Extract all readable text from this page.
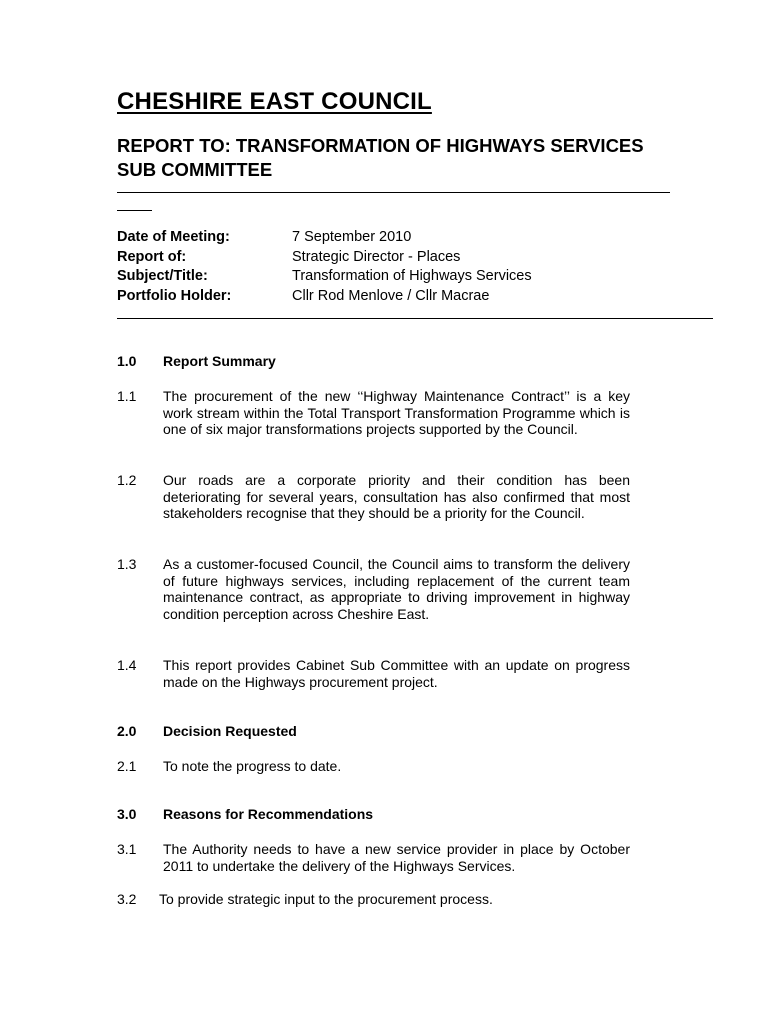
CHESHIRE EAST COUNCIL
REPORT TO: TRANSFORMATION OF HIGHWAYS SERVICES SUB COMMITTEE
Date of Meeting:	7 September 2010
Report of:	Strategic Director - Places
Subject/Title:	Transformation of Highways Services
Portfolio Holder:	Cllr Rod Menlove / Cllr Macrae
1.0	Report Summary
1.1	The procurement of the new ‘‘Highway Maintenance Contract’’ is a key work stream within the Total Transport Transformation Programme which is one of six major transformations projects supported by the Council.
1.2	Our roads are a corporate priority and their condition has been deteriorating for several years, consultation has also confirmed that most stakeholders recognise that they should be a priority for the Council.
1.3	As a customer-focused Council, the Council aims to transform the delivery of future highways services, including replacement of the current team maintenance contract, as appropriate to driving improvement in highway condition perception across Cheshire East.
1.4	This report provides Cabinet Sub Committee with an update on progress made on the Highways procurement project.
2.0	Decision Requested
2.1	To note the progress to date.
3.0	Reasons for Recommendations
3.1	The Authority needs to have a new service provider in place by October 2011 to undertake the delivery of the Highways Services.
3.2	To provide strategic input to the procurement process.
